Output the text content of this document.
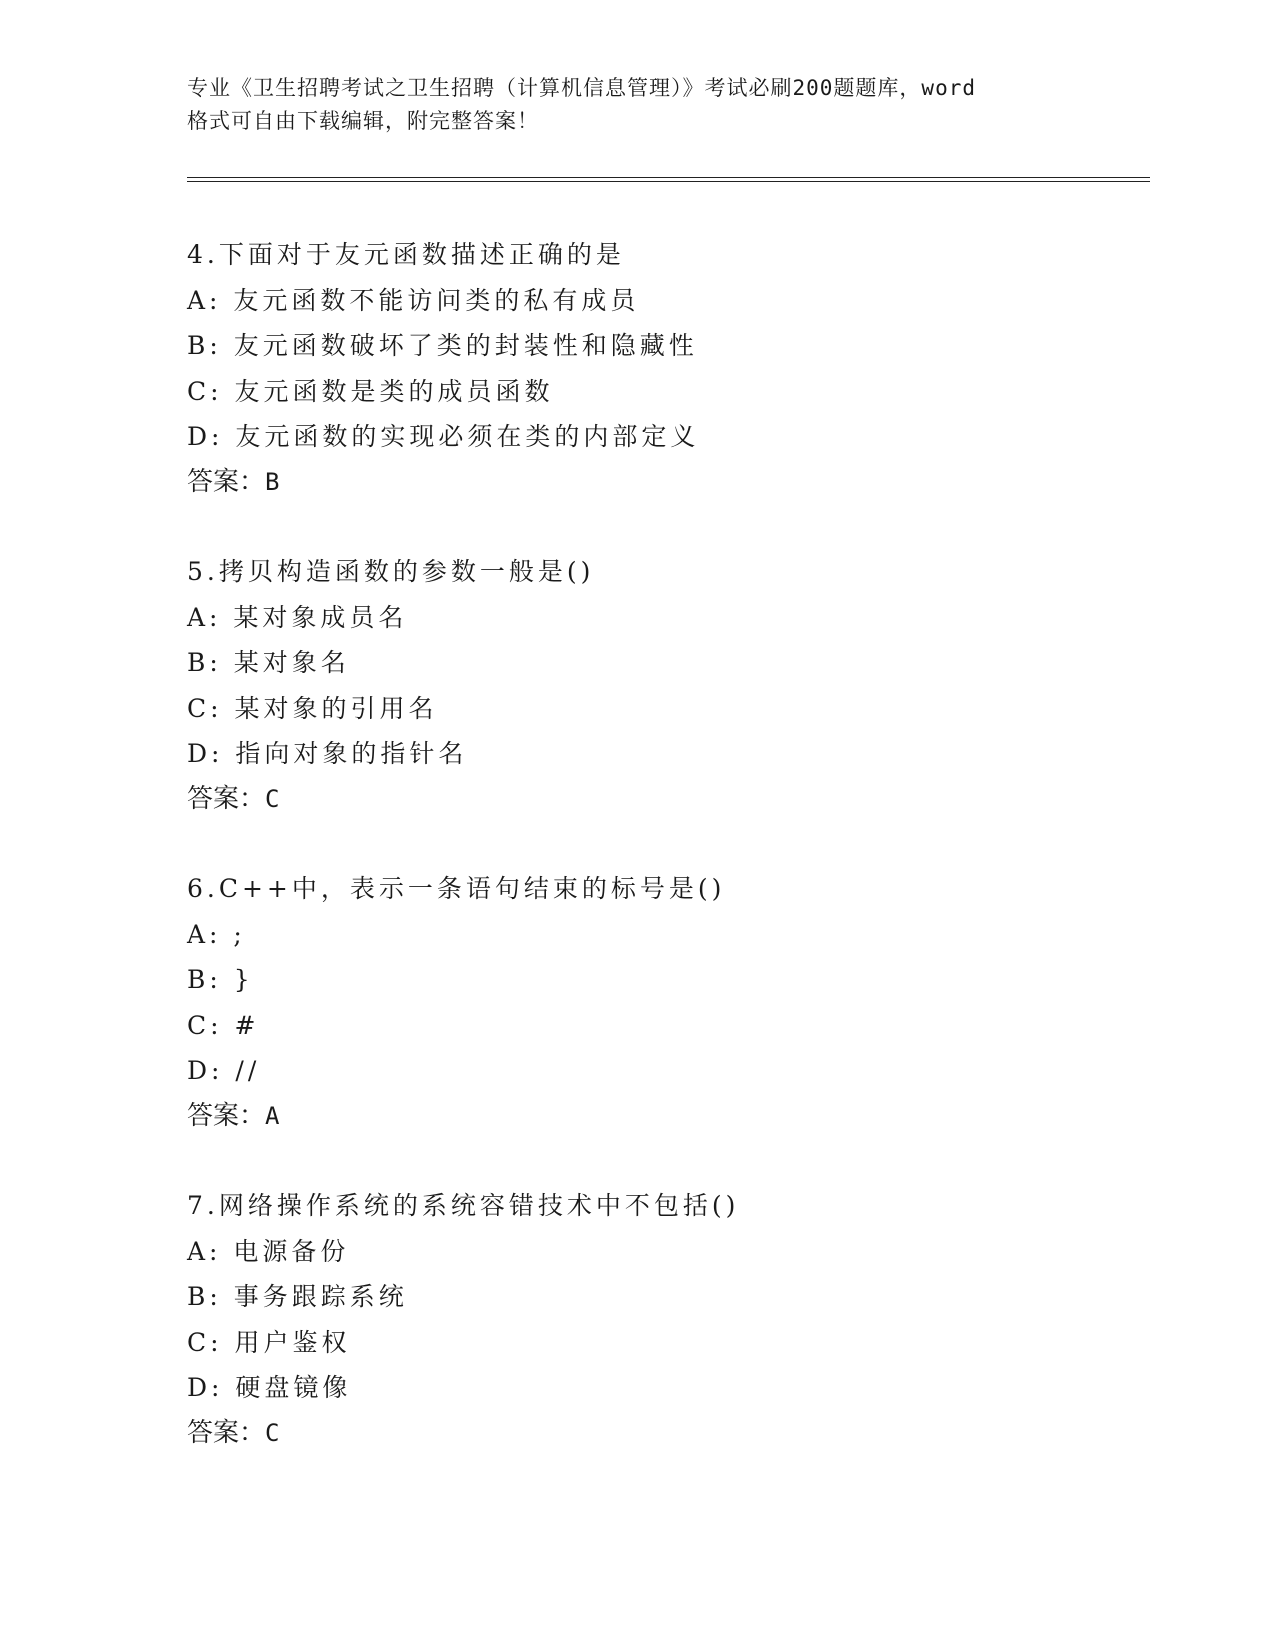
专业《卫生招聘考试之卫生招聘（计算机信息管理）》考试必刷200题题库，word
格式可自由下载编辑，附完整答案！
4.下面对于友元函数描述正确的是
A: 友元函数不能访问类的私有成员
B: 友元函数破坏了类的封装性和隐藏性
C: 友元函数是类的成员函数
D: 友元函数的实现必须在类的内部定义
答案：B
5.拷贝构造函数的参数一般是()
A: 某对象成员名
B: 某对象名
C: 某对象的引用名
D: 指向对象的指针名
答案：C
6.C++中，表示一条语句结束的标号是()
A: ;
B: }
C: #
D: //
答案：A
7.网络操作系统的系统容错技术中不包括()
A: 电源备份
B: 事务跟踪系统
C: 用户鉴权
D: 硬盘镜像
答案：C
